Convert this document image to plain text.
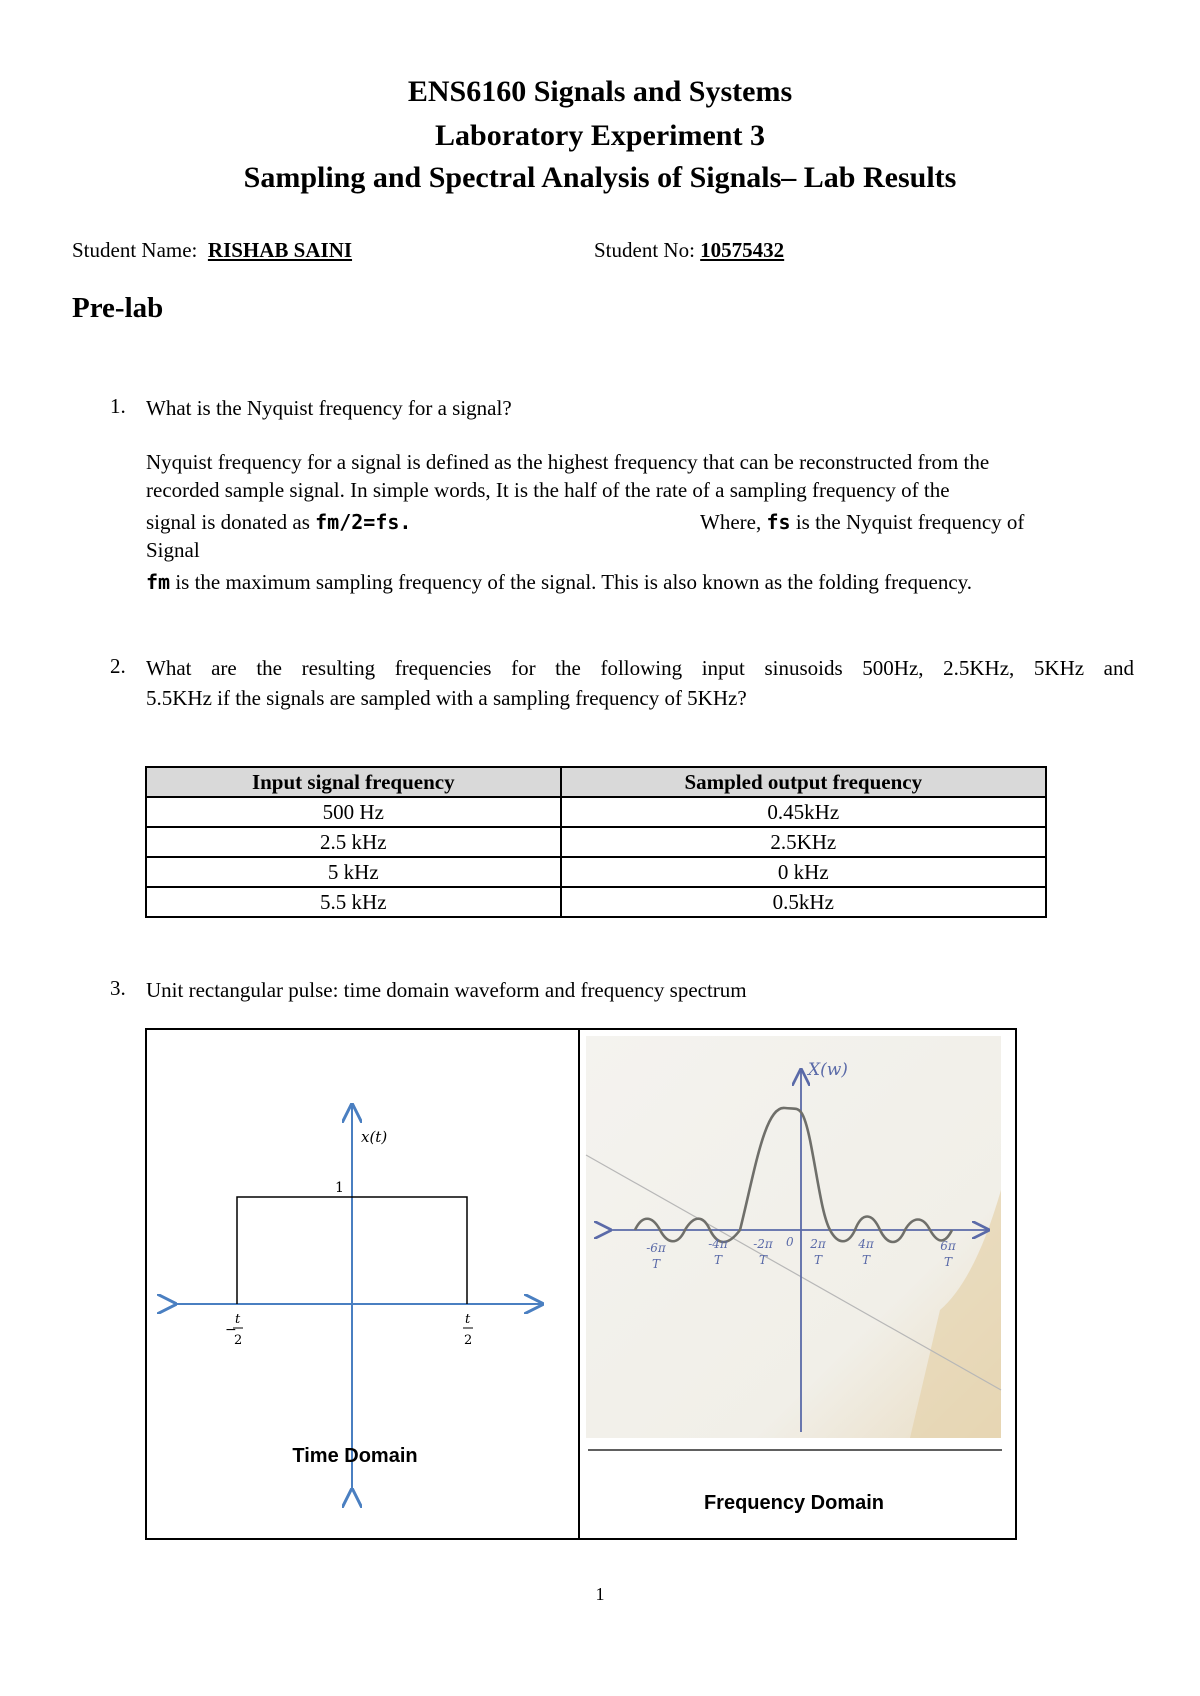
ENS6160 Signals and Systems
Laboratory Experiment 3
Sampling and Spectral Analysis of Signals– Lab Results
Student Name: RISHAB SAINI	Student No: 10575432
Pre-lab
1. What is the Nyquist frequency for a signal?
Nyquist frequency for a signal is defined as the highest frequency that can be reconstructed from the
recorded sample signal. In simple words, It is the half of the rate of a sampling frequency of the
signal is donated as fm/2=fs.	Where, fs is the Nyquist frequency of
Signal
fm is the maximum sampling frequency of the signal. This is also known as the folding frequency.
2. What are the resulting frequencies for the following input sinusoids 500Hz, 2.5KHz, 5KHz and
5.5KHz if the signals are sampled with a sampling frequency of 5KHz?
Input signal frequency	Sampled output frequency
500 Hz	0.45kHz
2.5 kHz	2.5KHz
5 kHz	0 kHz
5.5 kHz	0.5kHz
3. Unit rectangular pulse: time domain waveform and frequency spectrum
x(t)
1
−
t
2
t
2
Time Domain
X(w)
0
-6π
T
-4π
T
-2π
T
2π
T
4π
T
6π
T
Frequency Domain
1
